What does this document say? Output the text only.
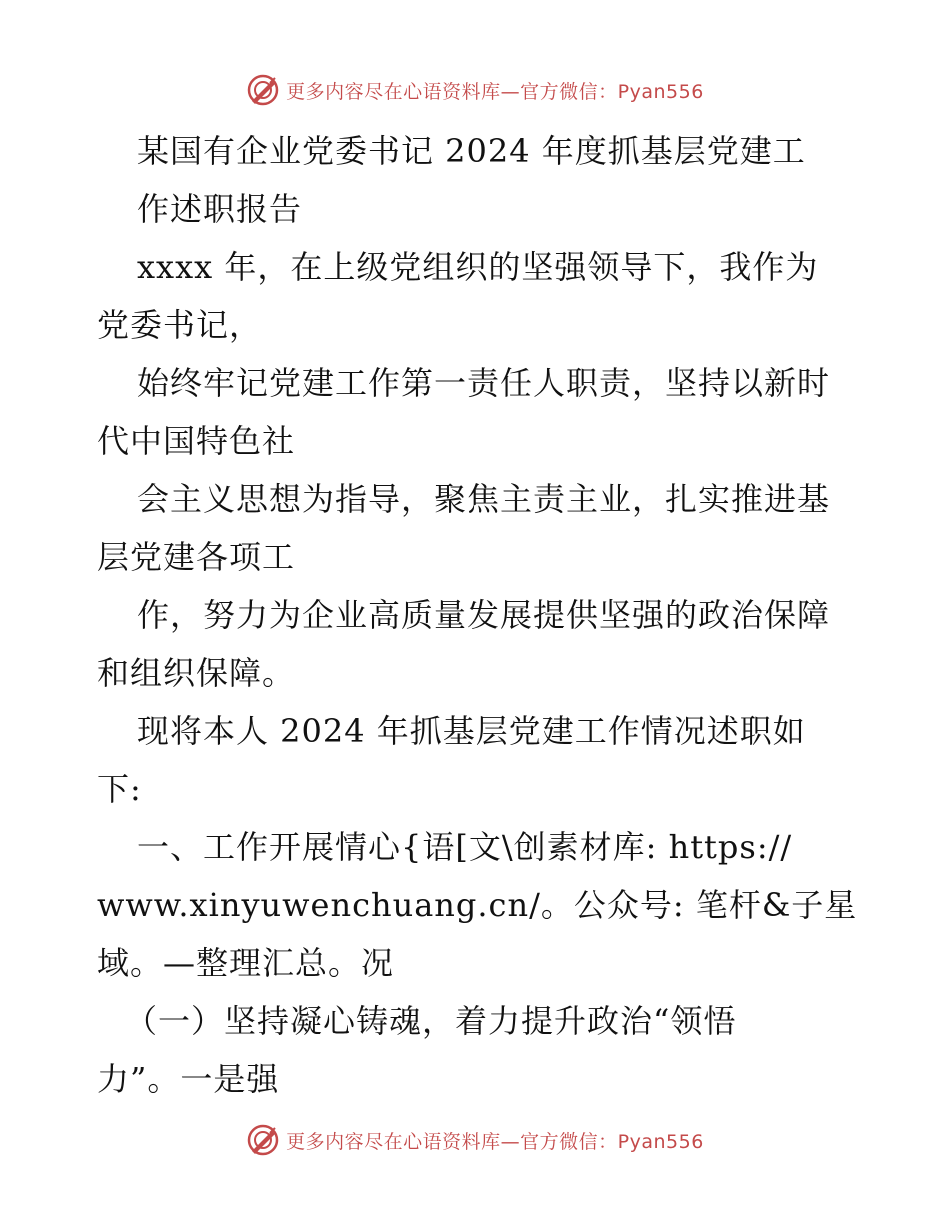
更多内容尽在心语资料库—官方微信：Pyan556
某国有企业党委书记 2024 年度抓基层党建工
作述职报告
xxxx 年，在上级党组织的坚强领导下，我作为
党委书记，
始终牢记党建工作第一责任人职责，坚持以新时
代中国特色社
会主义思想为指导，聚焦主责主业，扎实推进基
层党建各项工
作，努力为企业高质量发展提供坚强的政治保障
和组织保障。
现将本人 2024 年抓基层党建工作情况述职如
下:
一、工作开展情心{语[文\创素材库: https://
www.xinyuwenchuang.cn/。公众号: 笔杆&子星
域。—整理汇总。况
（一）坚持凝心铸魂，着力提升政治“领悟
力”。一是强
更多内容尽在心语资料库—官方微信：Pyan556
